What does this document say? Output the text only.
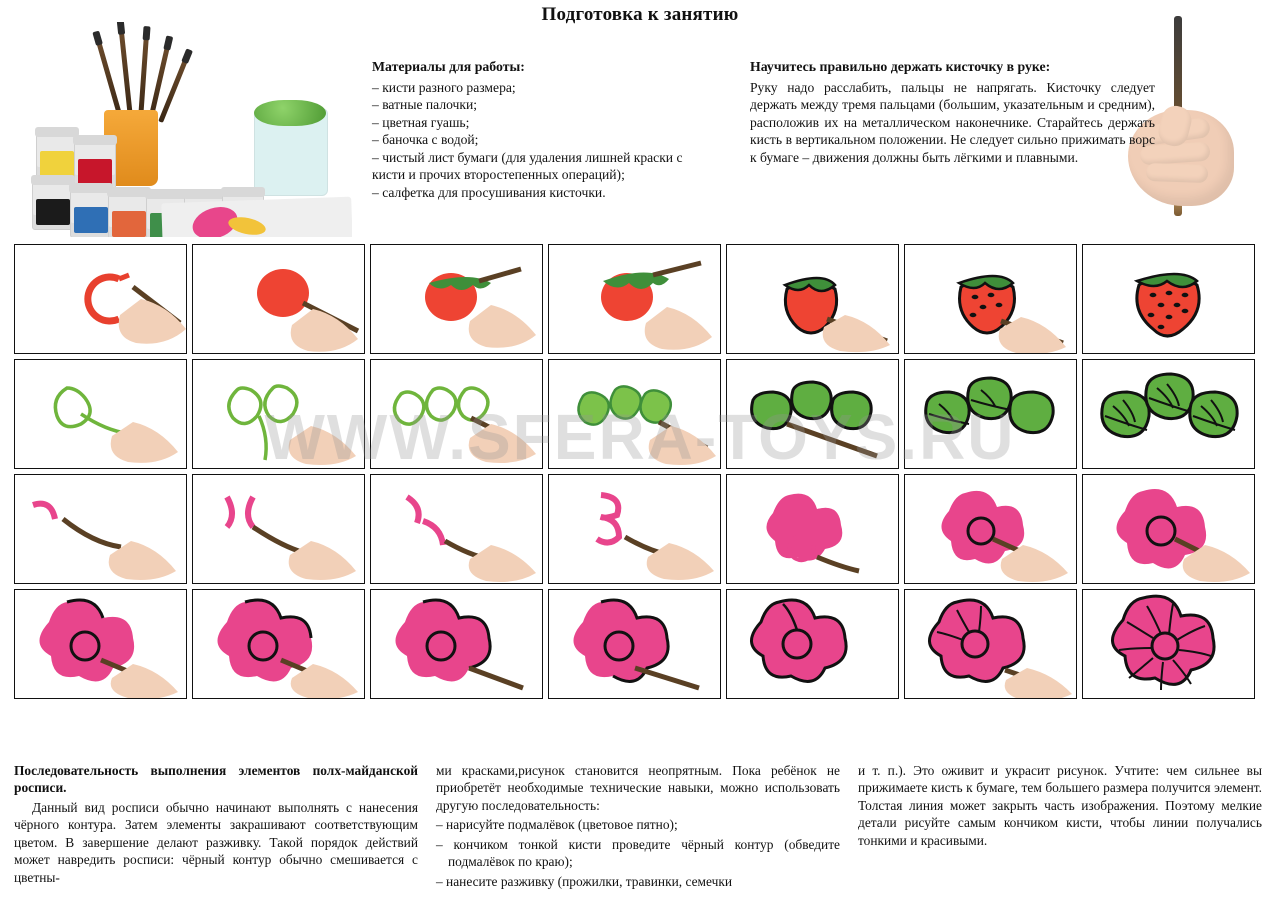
Подготовка к занятию
Материалы для работы:
– кисти разного размера;
– ватные палочки;
– цветная гуашь;
– баночка с водой;
– чистый лист бумаги (для удаления лишней краски с кисти и прочих второстепенных операций);
– салфетка для просушивания кисточки.
Научитесь правильно держать кисточку в руке:

Руку надо расслабить, пальцы не напрягать. Кисточку следует держать между тремя пальцами (большим, указательным и средним), расположив их на металлическом наконечнике. Старайтесь держать кисть в вертикальном положении. Не следует сильно прижимать ворс к бумаге – движения должны быть лёгкими и плавными.

WWW.SFERA-TOYS.RU

Последовательность выполнения элементов полх-майданской росписи.

Данный вид росписи обычно начинают выполнять с нанесения чёрного контура. Затем элементы закрашивают соответствующим цветом. В завершение делают разживку. Такой порядок действий может навредить росписи: чёрный контур обычно смешивается с цветны-

ми красками,рисунок становится неопрятным. Пока ребёнок не приобретёт необходимые технические навыки, можно использовать другую последовательность:

– нарисуйте подмалёвок (цветовое пятно);

– кончиком тонкой кисти проведите чёрный контур (обведите подмалёвок по краю);

– нанесите разживку (прожилки, травинки, семечки

и т. п.). Это оживит и украсит рисунок. Учтите: чем сильнее вы прижимаете кисть к бумаге, тем большего размера получится элемент. Толстая линия может закрыть часть изображения. Поэтому мелкие детали рисуйте самым кончиком кисти, чтобы линии получались тонкими и красивыми.
